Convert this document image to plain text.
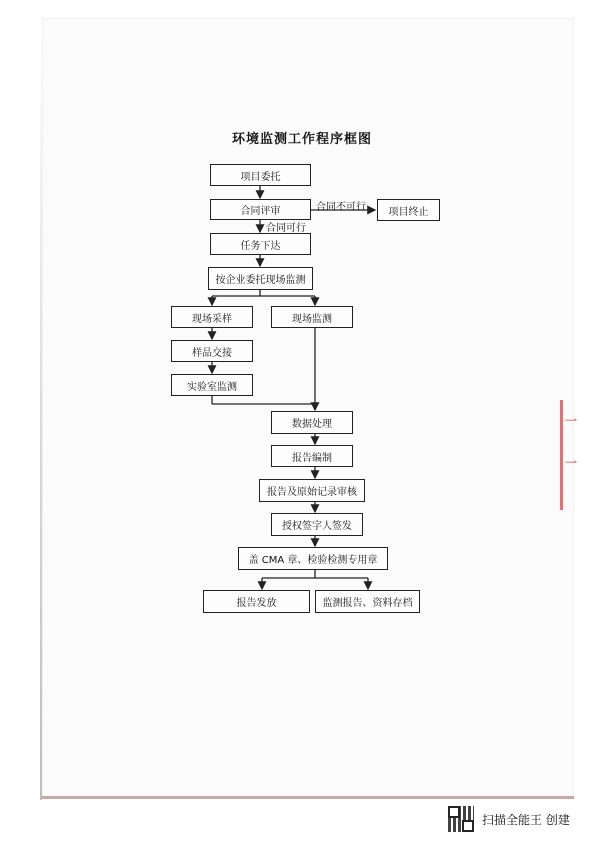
环境监测工作程序框图
项目委托
合同评审	项目终止
任务下达
按企业委托现场监测
现场采样	现场监测
样品交接
实验室监测
数据处理
报告编制
报告及原始记录审核
授权签字人签发
盖 CMA 章、检验检测专用章
报告发放	监测报告、资料存档
合同不可行
合同可行
一
一
扫描全能王 创建
